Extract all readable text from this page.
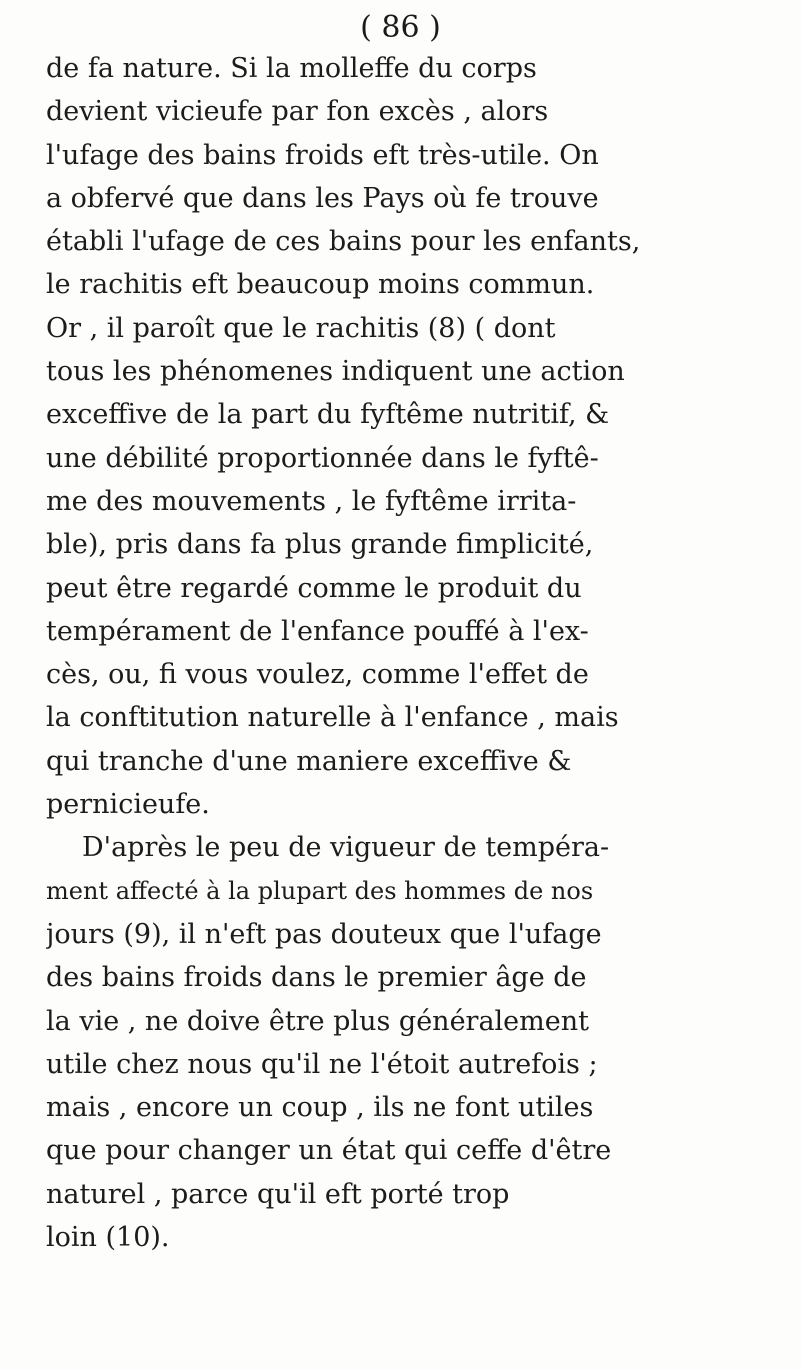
( 86 )
de fa nature. Si la molleffe du corps
devient vicieufe par fon excès , alors
l'ufage des bains froids eft très-utile. On
a obfervé que dans les Pays où fe trouve
établi l'ufage de ces bains pour les enfants,
le rachitis eft beaucoup moins commun.
Or , il paroît que le rachitis (8) ( dont
tous les phénomenes indiquent une action
exceffive de la part du fyftême nutritif, &
une débilité proportionnée dans le fyftê-
me des mouvements , le fyftême irrita-
ble), pris dans fa plus grande fimplicité,
peut être regardé comme le produit du
tempérament de l'enfance pouffé à l'ex-
cès, ou, fi vous voulez, comme l'effet de
la conftitution naturelle à l'enfance , mais
qui tranche d'une maniere exceffive &
pernicieufe.
D'après le peu de vigueur de tempéra-
ment affecté à la plupart des hommes de nos
jours (9), il n'eft pas douteux que l'ufage
des bains froids dans le premier âge de
la vie , ne doive être plus généralement
utile chez nous qu'il ne l'étoit autrefois ;
mais , encore un coup , ils ne font utiles
que pour changer un état qui ceffe d'être
naturel , parce qu'il eft porté trop
loin (10).
